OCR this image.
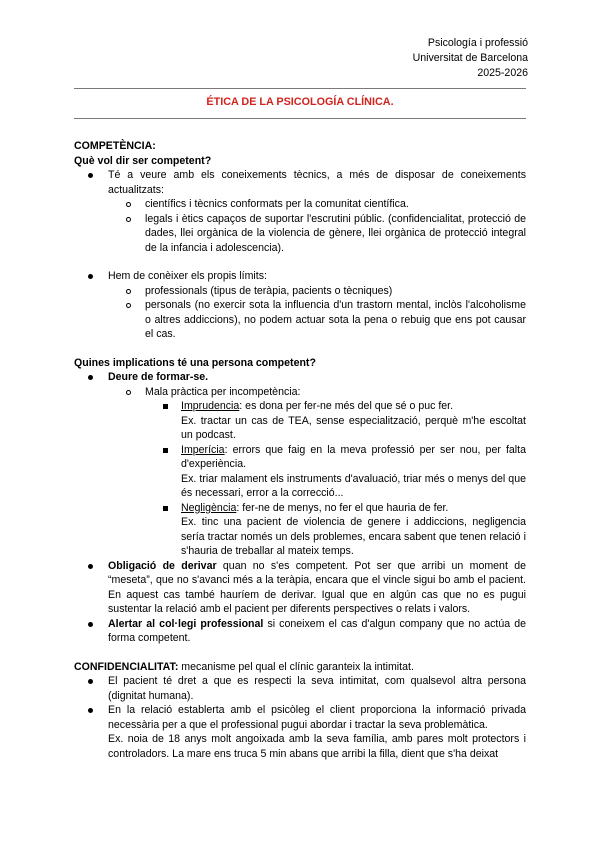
Psicología i professió
Universitat de Barcelona
2025-2026
ÉTICA DE LA PSICOLOGÍA CLÍNICA.

COMPETÈNCIA:

Què vol dir ser competent?

Té a veure amb els coneixements tècnics, a més de disposar de coneixements actualitzats:
científics i tècnics conformats per la comunitat científica.
legals i ètics capaços de suportar l'escrutini públic. (confidencialitat, protecció de dades, llei orgànica de la violencia de gènere, llei orgànica de protecció integral de la infancia i adolescencia).
Hem de conèixer els propis límits:
professionals (tipus de teràpia, pacients o tècniques)
personals (no exercir sota la influencia d'un trastorn mental, inclòs l'alcoholisme o altres addiccions), no podem actuar sota la pena o rebuig que ens pot causar el cas.

Quines implications té una persona competent?

Deure de formar-se.
Mala pràctica per incompetència:
Imprudencia: es dona per fer-ne més del que sé o puc fer.

Ex. tractar un cas de TEA, sense especialització, perquè m'he escoltat un podcast.

Imperícia: errors que faig en la meva professió per ser nou, per falta d'experiència.

Ex. triar malament els instruments d'avaluació, triar més o menys del que és necessari, error a la correcció...

Negligència: fer-ne de menys, no fer el que hauria de fer.

Ex. tinc una pacient de violencia de genere i addiccions, negligencia sería tractar només un dels problemes, encara sabent que tenen relació i s'hauria de treballar al mateix temps.

Obligació de derivar quan no s'es competent. Pot ser que arribi un moment de “meseta”, que no s'avanci més a la teràpia, encara que el vincle sigui bo amb el pacient. En aquest cas també hauríem de derivar. Igual que en algún cas que no es pugui sustentar la relació amb el pacient per diferents perspectives o relats i valors.
Alertar al col·legi professional si coneixem el cas d'algun company que no actúa de forma competent.

CONFIDENCIALITAT: mecanisme pel qual el clínic garanteix la intimitat.

El pacient té dret a que es respecti la seva intimitat, com qualsevol altra persona (dignitat humana).
En la relació establerta amb el psicòleg el client proporciona la informació privada necessària per a que el professional pugui abordar i tractar la seva problemàtica.

Ex. noia de 18 anys molt angoixada amb la seva família, amb pares molt protectors i controladors. La mare ens truca 5 min abans que arribi la filla, dient que s'ha deixat
